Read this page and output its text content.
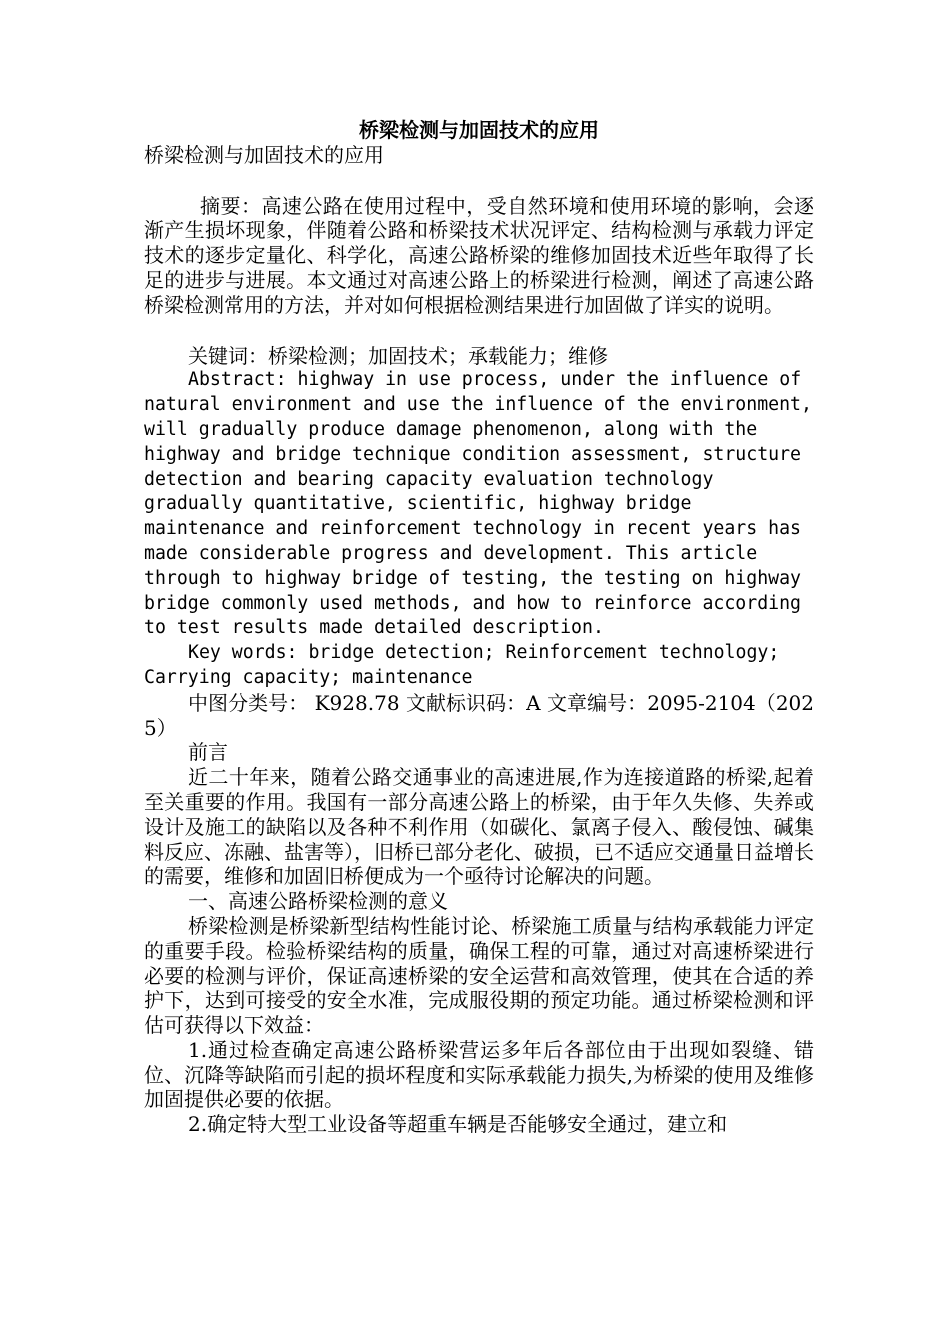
桥梁检测与加固技术的应用

桥梁检测与加固技术的应用

摘要：高速公路在使用过程中，受自然环境和使用环境的影响，会逐渐产生损坏现象，伴随着公路和桥梁技术状况评定、结构检测与承载力评定技术的逐步定量化、科学化，高速公路桥梁的维修加固技术近些年取得了长足的进步与进展。本文通过对高速公路上的桥梁进行检测，阐述了高速公路桥梁检测常用的方法，并对如何根据检测结果进行加固做了详实的说明。

关键词：桥梁检测；加固技术；承载能力；维修

Abstract: highway in use process, under the influence of natural environment and use the influence of the environment, will gradually produce damage phenomenon, along with the highway and bridge technique condition assessment, structure detection and bearing capacity evaluation technology gradually quantitative, scientific, highway bridge maintenance and reinforcement technology in recent years has made considerable progress and development. This article through to highway bridge of testing, the testing on highway bridge commonly used methods, and how to reinforce according to test results made detailed description.

Key words: bridge detection; Reinforcement technology; Carrying capacity; maintenance

中图分类号： K928.78 文献标识码：A 文章编号：2095-2104（2025）

前言

近二十年来，随着公路交通事业的高速进展,作为连接道路的桥梁,起着至关重要的作用。我国有一部分高速公路上的桥梁，由于年久失修、失养或设计及施工的缺陷以及各种不利作用（如碳化、氯离子侵入、酸侵蚀、碱集料反应、冻融、盐害等），旧桥已部分老化、破损，已不适应交通量日益增长的需要，维修和加固旧桥便成为一个亟待讨论解决的问题。

一、高速公路桥梁检测的意义

桥梁检测是桥梁新型结构性能讨论、桥梁施工质量与结构承载能力评定的重要手段。检验桥梁结构的质量，确保工程的可靠，通过对高速桥梁进行必要的检测与评价，保证高速桥梁的安全运营和高效管理，使其在合适的养护下，达到可接受的安全水准，完成服役期的预定功能。通过桥梁检测和评估可获得以下效益：

1.通过检查确定高速公路桥梁营运多年后各部位由于出现如裂缝、错位、沉降等缺陷而引起的损坏程度和实际承载能力损失,为桥梁的使用及维修加固提供必要的依据。

2.确定特大型工业设备等超重车辆是否能够安全通过，建立和
